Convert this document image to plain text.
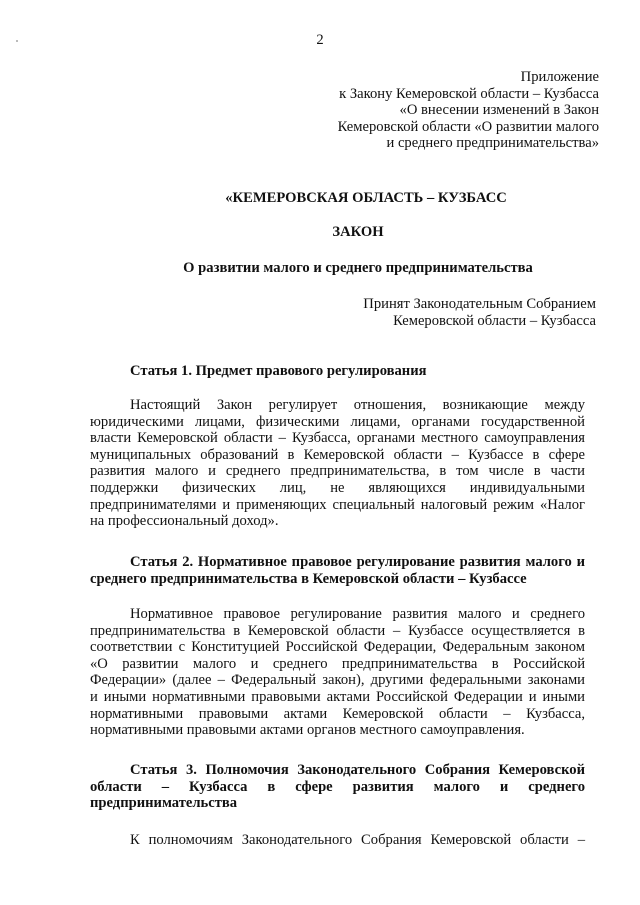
2
Приложение
к Закону Кемеровской области – Кузбасса
«О внесении изменений в Закон
Кемеровской области «О развитии малого
и среднего предпринимательства»
«КЕМЕРОВСКАЯ ОБЛАСТЬ – КУЗБАСС
ЗАКОН
О развитии малого и среднего предпринимательства
Принят Законодательным Собранием
Кемеровской области – Кузбасса
Статья 1. Предмет правового регулирования
Настоящий Закон регулирует отношения, возникающие между
юридическими лицами, физическими лицами, органами государственной
власти Кемеровской области – Кузбасса, органами местного самоуправления
муниципальных образований в Кемеровской области – Кузбассе в сфере
развития малого и среднего предпринимательства, в том числе в части
поддержки физических лиц, не являющихся индивидуальными
предпринимателями и применяющих специальный налоговый режим «Налог
на профессиональный доход».
Статья 2. Нормативное правовое регулирование развития малого и
среднего предпринимательства в Кемеровской области – Кузбассе
Нормативное правовое регулирование развития малого и среднего
предпринимательства в Кемеровской области – Кузбассе осуществляется в
соответствии с Конституцией Российской Федерации, Федеральным законом
«О развитии малого и среднего предпринимательства в Российской
Федерации» (далее – Федеральный закон), другими федеральными законами
и иными нормативными правовыми актами Российской Федерации и иными
нормативными правовыми актами Кемеровской области – Кузбасса,
нормативными правовыми актами органов местного самоуправления.
Статья 3. Полномочия Законодательного Собрания Кемеровской
области – Кузбасса в сфере развития малого и среднего
предпринимательства
К полномочиям Законодательного Собрания Кемеровской области –
